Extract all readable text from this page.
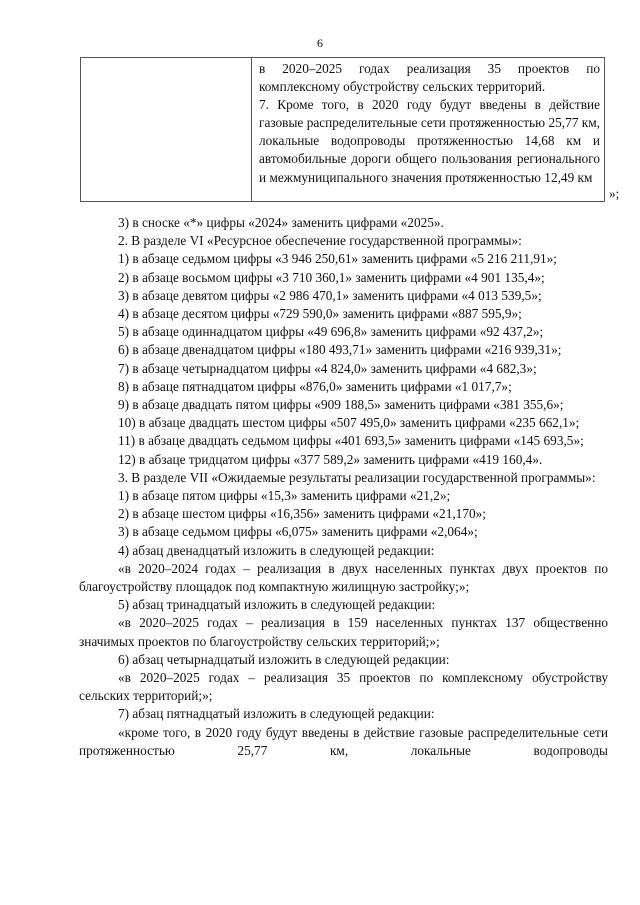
6
в 2020–2025 годах реализация 35 проектов по комплексному обустройству сельских территорий.
7. Кроме того, в 2020 году будут введены в действие газовые распределительные сети протяженностью 25,77 км, локальные водопроводы протяженностью 14,68 км и автомобильные дороги общего пользования регионального и межмуниципального значения протяженностью 12,49 км
»;
3) в сноске «*» цифры «2024» заменить цифрами «2025».
2. В разделе VI «Ресурсное обеспечение государственной программы»:
1) в абзаце седьмом цифры «3 946 250,61» заменить цифрами «5 216 211,91»;
2) в абзаце восьмом цифры «3 710 360,1» заменить цифрами «4 901 135,4»;
3) в абзаце девятом цифры «2 986 470,1» заменить цифрами «4 013 539,5»;
4) в абзаце десятом цифры «729 590,0» заменить цифрами «887 595,9»;
5) в абзаце одиннадцатом цифры «49 696,8» заменить цифрами «92 437,2»;
6) в абзаце двенадцатом цифры «180 493,71» заменить цифрами «216 939,31»;
7) в абзаце четырнадцатом цифры «4 824,0» заменить цифрами «4 682,3»;
8) в абзаце пятнадцатом цифры «876,0» заменить цифрами «1 017,7»;
9) в абзаце двадцать пятом цифры «909 188,5» заменить цифрами «381 355,6»;
10) в абзаце двадцать шестом цифры «507 495,0» заменить цифрами «235 662,1»;
11) в абзаце двадцать седьмом цифры «401 693,5» заменить цифрами «145 693,5»;
12) в абзаце тридцатом цифры «377 589,2» заменить цифрами «419 160,4».
3. В разделе VII «Ожидаемые результаты реализации государственной программы»:
1) в абзаце пятом цифры «15,3» заменить цифрами «21,2»;
2) в абзаце шестом цифры «16,356» заменить цифрами «21,170»;
3) в абзаце седьмом цифры «6,075» заменить цифрами «2,064»;
4) абзац двенадцатый изложить в следующей редакции:
«в 2020–2024 годах – реализация в двух населенных пунктах двух проектов по благоустройству площадок под компактную жилищную застройку;»;
5) абзац тринадцатый изложить в следующей редакции:
«в 2020–2025 годах – реализация в 159 населенных пунктах 137 общественно значимых проектов по благоустройству сельских территорий;»;
6) абзац четырнадцатый изложить в следующей редакции:
«в 2020–2025 годах – реализация 35 проектов по комплексному обустройству сельских территорий;»;
7) абзац пятнадцатый изложить в следующей редакции:
«кроме того, в 2020 году будут введены в действие газовые распределительные сети протяженностью 25,77 км, локальные водопроводы
